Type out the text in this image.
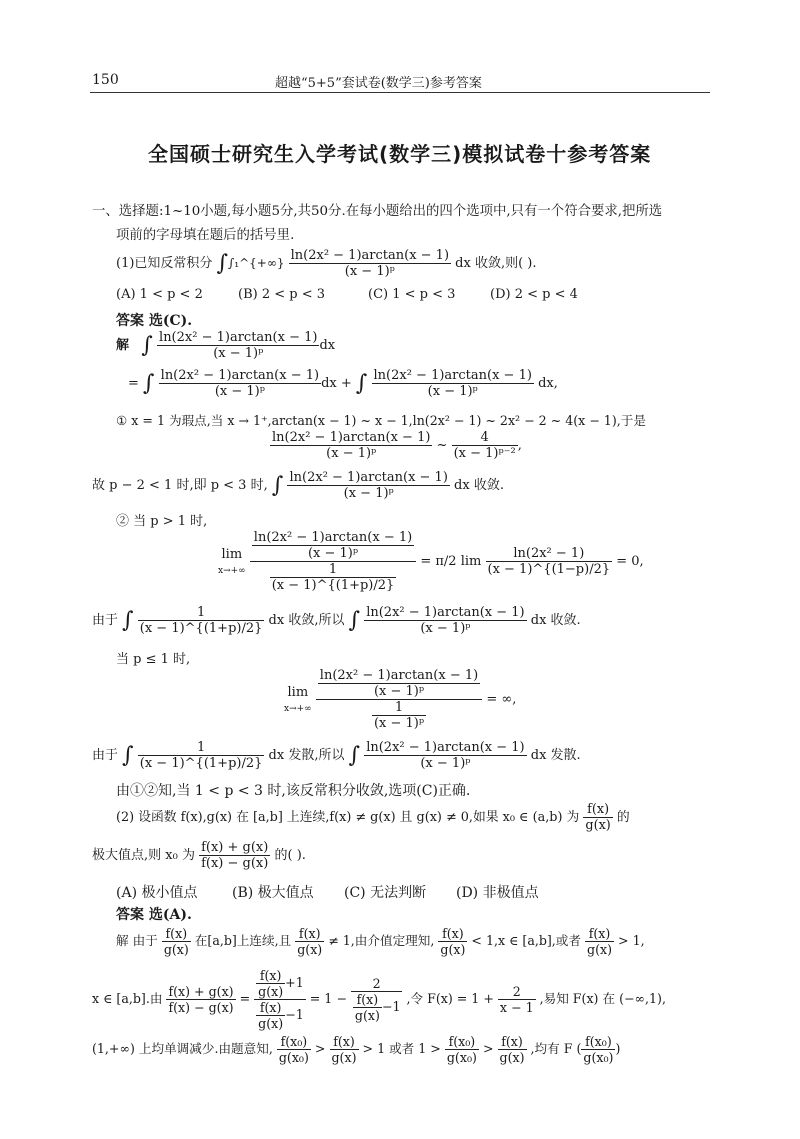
150	超越“5+5”套试卷(数学三)参考答案
全国硕士研究生入学考试(数学三)模拟试卷十参考答案
一、选择题:1~10小题,每小题5分,共50分.在每小题给出的四个选项中,只有一个符合要求,把所选
项前的字母填在题后的括号里.
(1)已知反常积分 ∫∫₁^{+∞} $\frac{\text{ln(2x² − 1)arctan(x − 1)}}{\text{(x − 1)ᵖ}}$ dx 收敛,则( ).
(A) 1 < p < 2	(B) 2 < p < 3	(C) 1 < p < 3	(D) 2 < p < 4
答案 选(C).
解 ∫ $\frac{\text{ln(2x² − 1)arctan(x − 1)}}{\text{(x − 1)ᵖ}}$ dx
= ∫ $\frac{\text{ln(2x² − 1)arctan(x − 1)}}{\text{(x − 1)ᵖ}}$ dx + ∫ $\frac{\text{ln(2x² − 1)arctan(x − 1)}}{\text{(x − 1)ᵖ}}$ dx,
① x = 1 为瑕点,当 x → 1⁺,arctan(x − 1) ~ x − 1,ln(2x² − 1) ~ 2x² − 2 ~ 4(x − 1),于是
$\frac{\text{ln(2x² − 1)arctan(x − 1)}}{\text{(x − 1)ᵖ}}$ ~ $\frac{4}{\text{(x − 1)ᵖ⁻²}}$ ,
故 p − 2 < 1 时,即 p < 3 时, ∫ $\frac{\text{ln(2x² − 1)arctan(x − 1)}}{\text{(x − 1)ᵖ}}$ dx 收敛.
② 当 p > 1 时,
lim
$x\to+\infty \frac{\frac{\text{ln(2x² − 1)arctan(x − 1)}}{\text{(x − 1)ᵖ}}}{\frac{1}{(x - 1)\^{}\{(1+p)/2\}}} = \pi/2$ $\lim \frac{\text{ln(2x² − 1)}}{(x - 1)\^{}\{(1-p)/2\}} = 0$,
由于 ∫ $\frac{1}{(x - 1)\^{}\{(1+p)/2\}}$ dx 收敛,所以 ∫ $\frac{\text{ln(2x² − 1)arctan(x − 1)}}{\text{(x − 1)ᵖ}}$ dx 收敛.
当 p ≤ 1 时,
lim
$x\to+\infty \frac{\frac{\text{ln(2x² − 1)arctan(x − 1)}}{\text{(x − 1)ᵖ}}}{\frac{1}{\text{(x − 1)ᵖ}}}$ = ∞,
由于 ∫ $\frac{1}{(x - 1)\^{}\{(1+p)/2\}}$ dx 发散,所以 ∫ $\frac{\text{ln(2x² − 1)arctan(x − 1)}}{\text{(x − 1)ᵖ}}$ dx 发散.
由①②知,当 1 < p < 3 时,该反常积分收敛,选项(C)正确.
(2) 设函数 f(x),g(x) 在 [a,b] 上连续,f(x) ≠ g(x) 且 g(x) ≠ 0,如果 x₀ ∈ (a,b) 为 $\frac{f(x)}{g(x)}$ 的
极大值点,则 x₀ 为 $\frac{f(x) + g(x)}{f(x) - g(x)}$ 的( ).
(A) 极小值点 (B) 极大值点 (C) 无法判断 (D) 非极值点
答案 选(A).
解 由于 $\frac{f(x)}{g(x)}$ 在[a,b]上连续,且 $\frac{f(x)}{g(x)} \ne 1$,由介值定理知, $\frac{f(x)}{g(x)} < 1,x$ ∈ [a,b],或者 $\frac{f(x)}{g(x)} > 1$,
x ∈ [a,b].由 $\frac{f(x) + g(x)}{f(x) - g(x)} = \frac{\frac{f(x)}{g(x)} +1}{\frac{f(x)}{g(x)} -1} = 1 - \frac{2}{\frac{f(x)}{g(x)} -1}$ ,令 $F(x) = 1 + \frac{2}{x - 1}$ ,易知 F(x) 在 (−∞,1),
(1,+∞) 上均单调减少.由题意知, $\frac{\text{f(x₀)}}{\text{g(x₀)}} > \frac{f(x)}{g(x)} > 1$ 或者 $1 > \frac{\text{f(x₀)}}{\text{g(x₀)}} > \frac{f(x)}{g(x)}$ ,均有 F ( $\frac{\text{f(x₀)}}{\text{g(x₀)}}$ )
